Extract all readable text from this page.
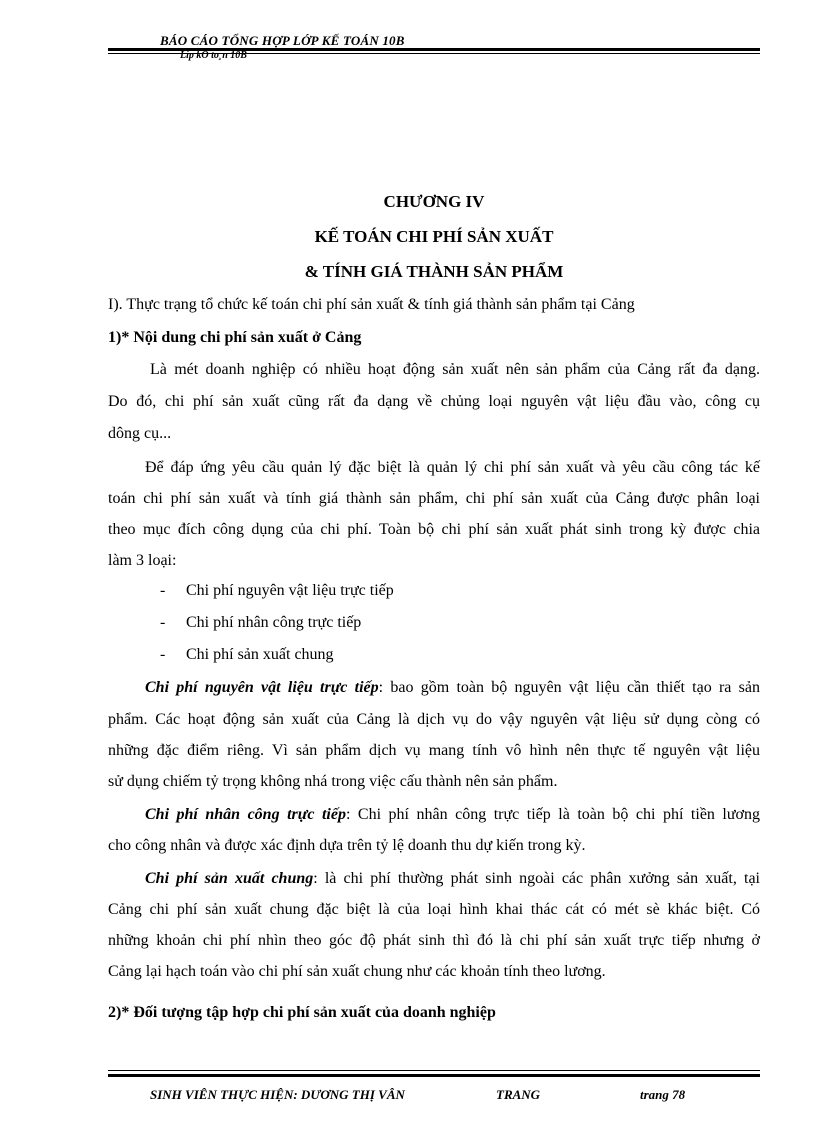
BÁO CÁO TỔNG HỢP LỚP KẾ TOÁN 10B
Líp kÕ to¸n 10B
CHƯƠNG IV
KẾ TOÁN CHI PHÍ SẢN XUẤT
& TÍNH GIÁ THÀNH SẢN PHẨM
I). Thực trạng tổ chức kế toán chi phí sản xuất & tính giá thành sản phẩm tại Cảng
1)* Nội dung chi phí sản xuất ở Cảng
Là mét doanh nghiệp có nhiều hoạt động sản xuất nên sản phẩm của Cảng rất đa dạng.
Do đó, chi phí sản xuất cũng rất đa dạng về chủng loại nguyên vật liệu đầu vào, công cụ
dông cụ...
Để đáp ứng yêu cầu quản lý đặc biệt là quản lý chi phí sản xuất và yêu cầu công tác kế
toán chi phí sản xuất và tính giá thành sản phẩm, chi phí sản xuất của Cảng được phân loại
theo mục đích công dụng của chi phí. Toàn bộ chi phí sản xuất phát sinh trong kỳ được chia
làm 3 loại:
- Chi phí nguyên vật liệu trực tiếp
- Chi phí nhân công trực tiếp
- Chi phí sản xuất chung
Chi phí nguyên vật liệu trực tiếp: bao gồm toàn bộ nguyên vật liệu cần thiết tạo ra sản
phẩm. Các hoạt động sản xuất của Cảng là dịch vụ do vậy nguyên vật liệu sử dụng còng có
những đặc điểm riêng. Vì sản phẩm dịch vụ mang tính vô hình nên thực tế nguyên vật liệu
sử dụng chiếm tỷ trọng không nhá trong việc cấu thành nên sản phẩm.
Chi phí nhân công trực tiếp: Chi phí nhân công trực tiếp là toàn bộ chi phí tiền lương
cho công nhân và được xác định dựa trên tỷ lệ doanh thu dự kiến trong kỳ.
Chi phí sản xuất chung: là chi phí thường phát sinh ngoài các phân xưởng sản xuất, tại
Cảng chi phí sản xuất chung đặc biệt là của loại hình khai thác cát có mét sè khác biệt. Có
những khoản chi phí nhìn theo góc độ phát sinh thì đó là chi phí sản xuất trực tiếp nhưng ở
Cảng lại hạch toán vào chi phí sản xuất chung như các khoản tính theo lương.
2)* Đối tượng tập hợp chi phí sản xuất của doanh nghiệp
SINH VIÊN THỰC HIỆN: DƯƠNG THỊ VÂN	TRANG	trang 78
